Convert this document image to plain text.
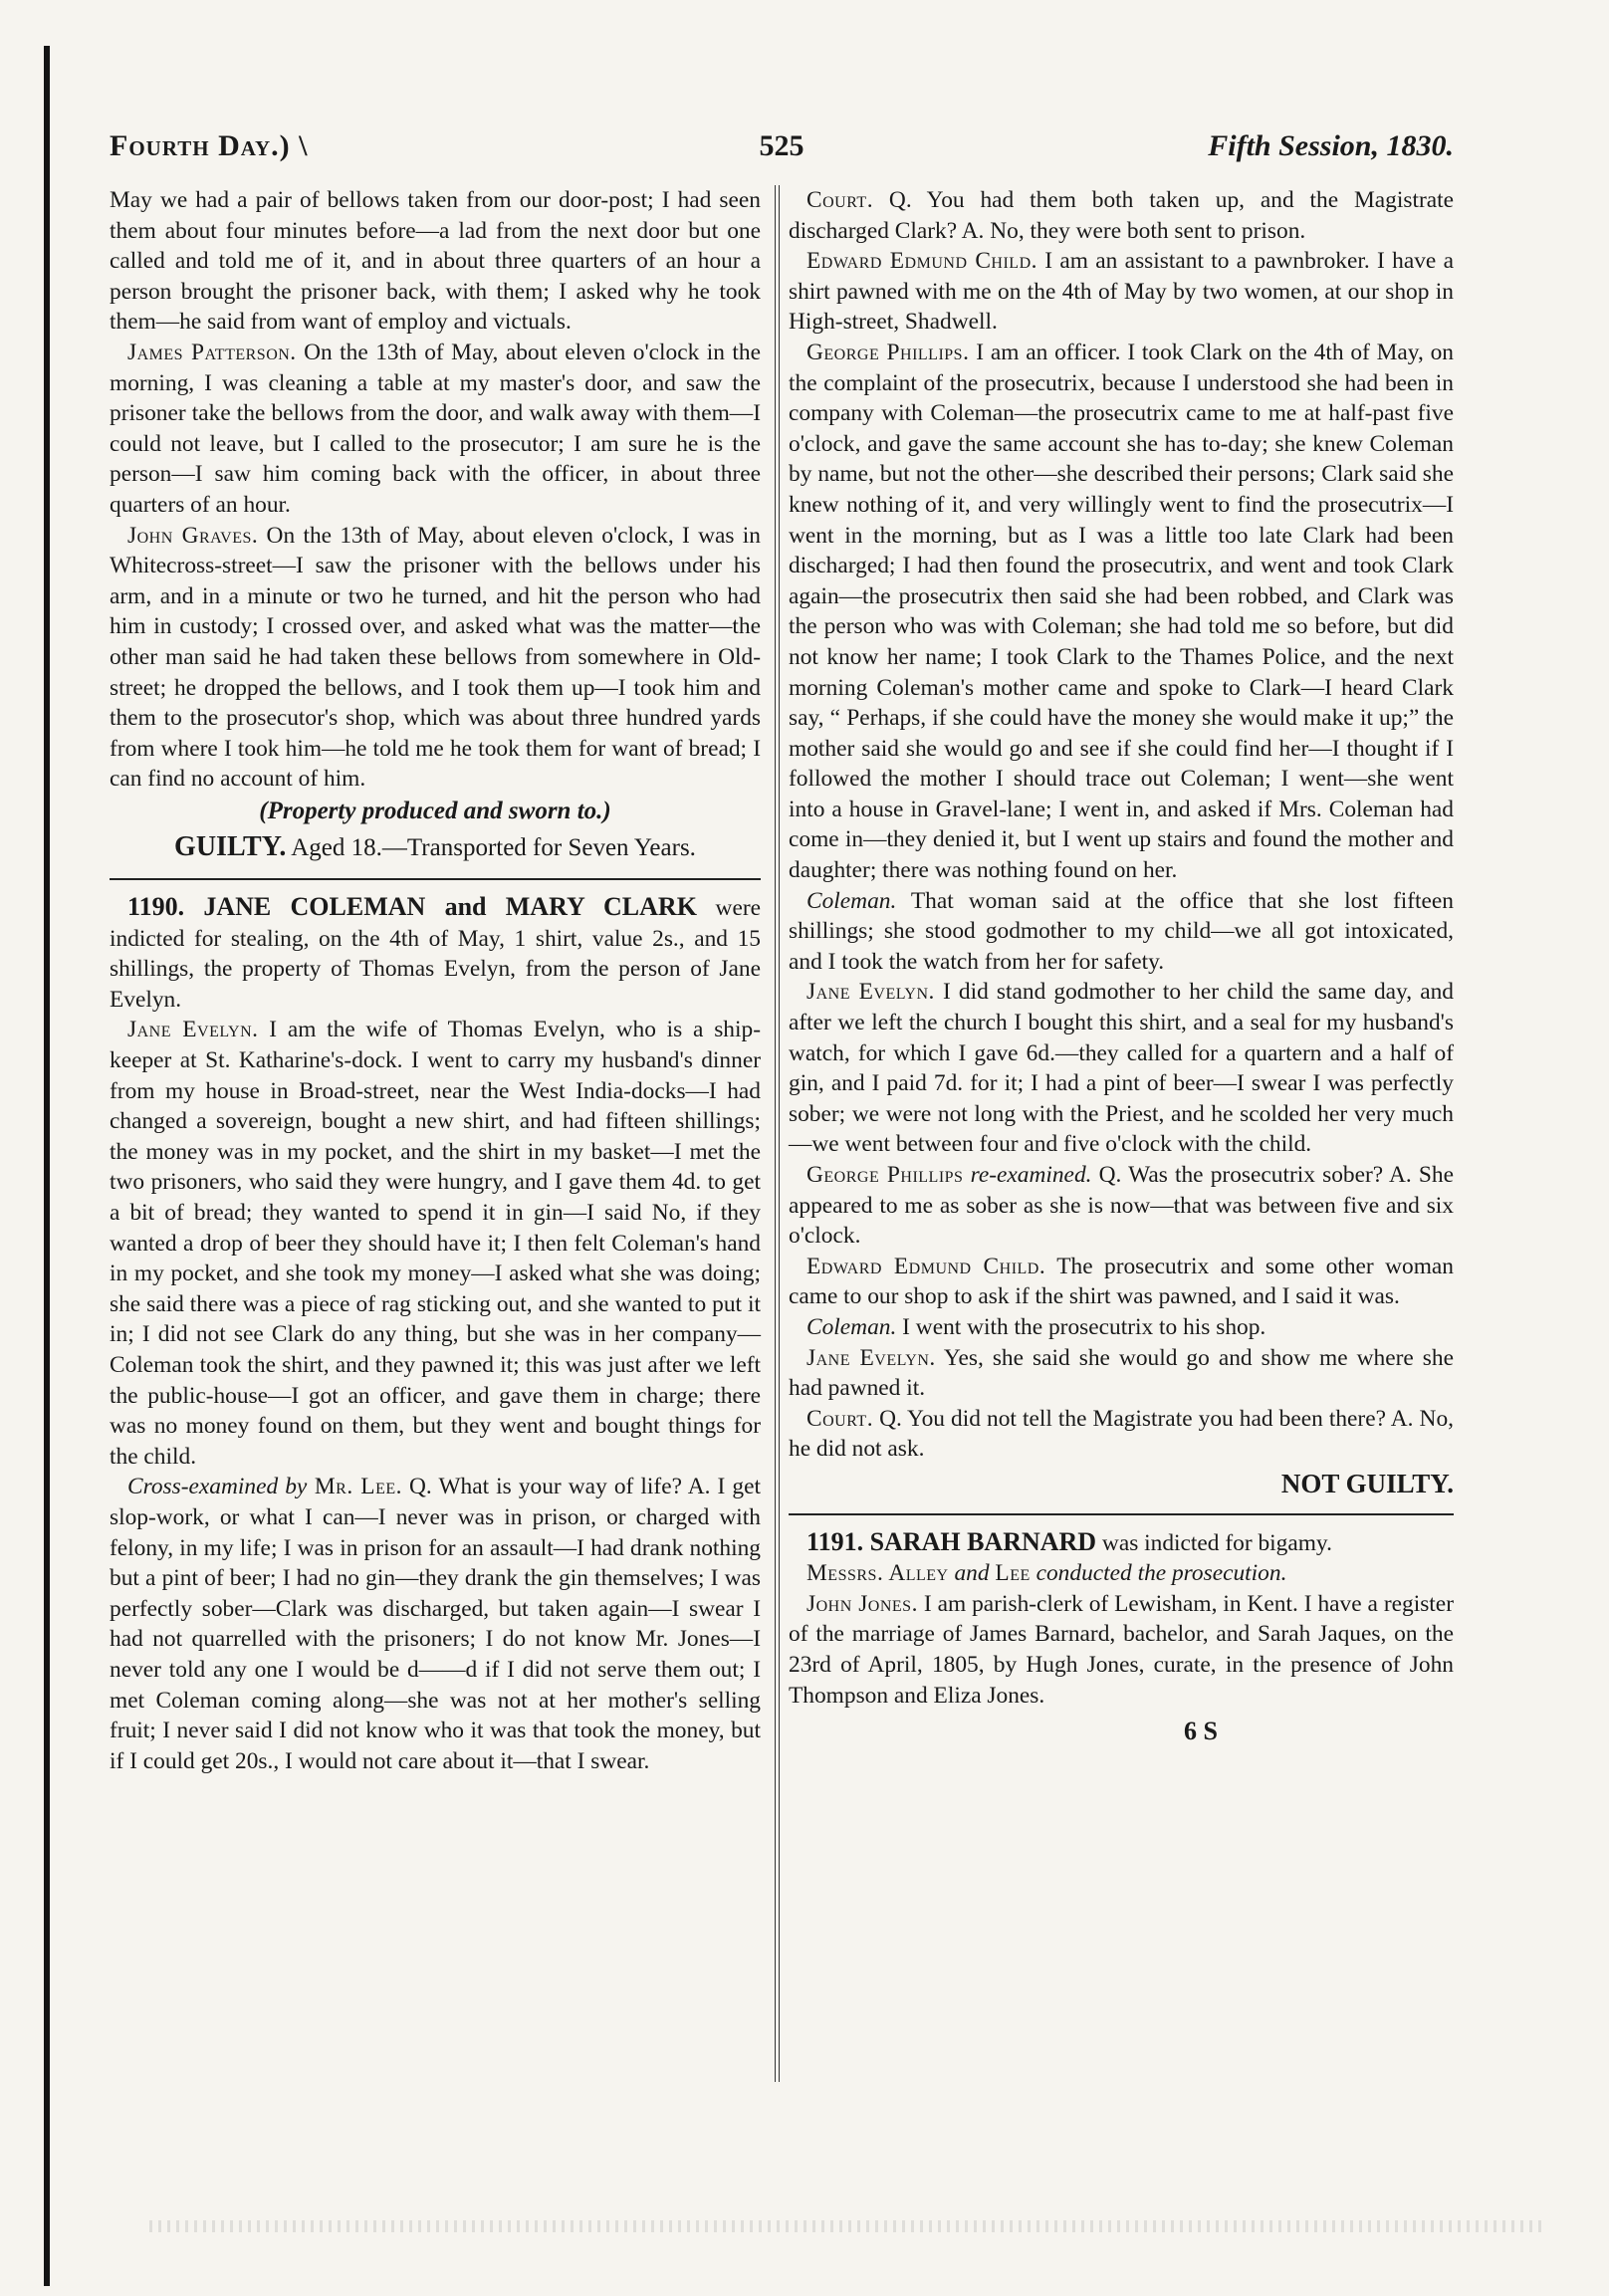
Fourth Day.) \	525	Fifth Session, 1830.

May we had a pair of bellows taken from our door-post; I had seen them about four minutes before—a lad from the next door but one called and told me of it, and in about three quarters of an hour a person brought the prisoner back, with them; I asked why he took them—he said from want of employ and victuals.

James Patterson. On the 13th of May, about eleven o'clock in the morning, I was cleaning a table at my master's door, and saw the prisoner take the bellows from the door, and walk away with them—I could not leave, but I called to the prosecutor; I am sure he is the person—I saw him coming back with the officer, in about three quarters of an hour.

John Graves. On the 13th of May, about eleven o'clock, I was in Whitecross-street—I saw the prisoner with the bellows under his arm, and in a minute or two he turned, and hit the person who had him in custody; I crossed over, and asked what was the matter—the other man said he had taken these bellows from somewhere in Old-street; he dropped the bellows, and I took them up—I took him and them to the prosecutor's shop, which was about three hundred yards from where I took him—he told me he took them for want of bread; I can find no account of him.

(Property produced and sworn to.)

GUILTY. Aged 18.—Transported for Seven Years.

1190. JANE COLEMAN and MARY CLARK were indicted for stealing, on the 4th of May, 1 shirt, value 2s., and 15 shillings, the property of Thomas Evelyn, from the person of Jane Evelyn.

Jane Evelyn. I am the wife of Thomas Evelyn, who is a ship-keeper at St. Katharine's-dock. I went to carry my husband's dinner from my house in Broad-street, near the West India-docks—I had changed a sovereign, bought a new shirt, and had fifteen shillings; the money was in my pocket, and the shirt in my basket—I met the two prisoners, who said they were hungry, and I gave them 4d. to get a bit of bread; they wanted to spend it in gin—I said No, if they wanted a drop of beer they should have it; I then felt Coleman's hand in my pocket, and she took my money—I asked what she was doing; she said there was a piece of rag sticking out, and she wanted to put it in; I did not see Clark do any thing, but she was in her company—Coleman took the shirt, and they pawned it; this was just after we left the public-house—I got an officer, and gave them in charge; there was no money found on them, but they went and bought things for the child.

Cross-examined by Mr. Lee. Q. What is your way of life? A. I get slop-work, or what I can—I never was in prison, or charged with felony, in my life; I was in prison for an assault—I had drank nothing but a pint of beer; I had no gin—they drank the gin themselves; I was perfectly sober—Clark was discharged, but taken again—I swear I had not quarrelled with the prisoners; I do not know Mr. Jones—I never told any one I would be d——d if I did not serve them out; I met Coleman coming along—she was not at her mother's selling fruit; I never said I did not know who it was that took the money, but if I could get 20s., I would not care about it—that I swear.

Court. Q. You had them both taken up, and the Magistrate discharged Clark? A. No, they were both sent to prison.

Edward Edmund Child. I am an assistant to a pawnbroker. I have a shirt pawned with me on the 4th of May by two women, at our shop in High-street, Shadwell.

George Phillips. I am an officer. I took Clark on the 4th of May, on the complaint of the prosecutrix, because I understood she had been in company with Coleman—the prosecutrix came to me at half-past five o'clock, and gave the same account she has to-day; she knew Coleman by name, but not the other—she described their persons; Clark said she knew nothing of it, and very willingly went to find the prosecutrix—I went in the morning, but as I was a little too late Clark had been discharged; I had then found the prosecutrix, and went and took Clark again—the prosecutrix then said she had been robbed, and Clark was the person who was with Coleman; she had told me so before, but did not know her name; I took Clark to the Thames Police, and the next morning Coleman's mother came and spoke to Clark—I heard Clark say, “ Perhaps, if she could have the money she would make it up;” the mother said she would go and see if she could find her—I thought if I followed the mother I should trace out Coleman; I went—she went into a house in Gravel-lane; I went in, and asked if Mrs. Coleman had come in—they denied it, but I went up stairs and found the mother and daughter; there was nothing found on her.

Coleman. That woman said at the office that she lost fifteen shillings; she stood godmother to my child—we all got intoxicated, and I took the watch from her for safety.

Jane Evelyn. I did stand godmother to her child the same day, and after we left the church I bought this shirt, and a seal for my husband's watch, for which I gave 6d.—they called for a quartern and a half of gin, and I paid 7d. for it; I had a pint of beer—I swear I was perfectly sober; we were not long with the Priest, and he scolded her very much—we went between four and five o'clock with the child.

George Phillips re-examined. Q. Was the prosecutrix sober? A. She appeared to me as sober as she is now—that was between five and six o'clock.

Edward Edmund Child. The prosecutrix and some other woman came to our shop to ask if the shirt was pawned, and I said it was.

Coleman. I went with the prosecutrix to his shop.

Jane Evelyn. Yes, she said she would go and show me where she had pawned it.

Court. Q. You did not tell the Magistrate you had been there? A. No, he did not ask.

NOT GUILTY.

1191. SARAH BARNARD was indicted for bigamy.

Messrs. Alley and Lee conducted the prosecution.

John Jones. I am parish-clerk of Lewisham, in Kent. I have a register of the marriage of James Barnard, bachelor, and Sarah Jaques, on the 23rd of April, 1805, by Hugh Jones, curate, in the presence of John Thompson and Eliza Jones.

6 S
